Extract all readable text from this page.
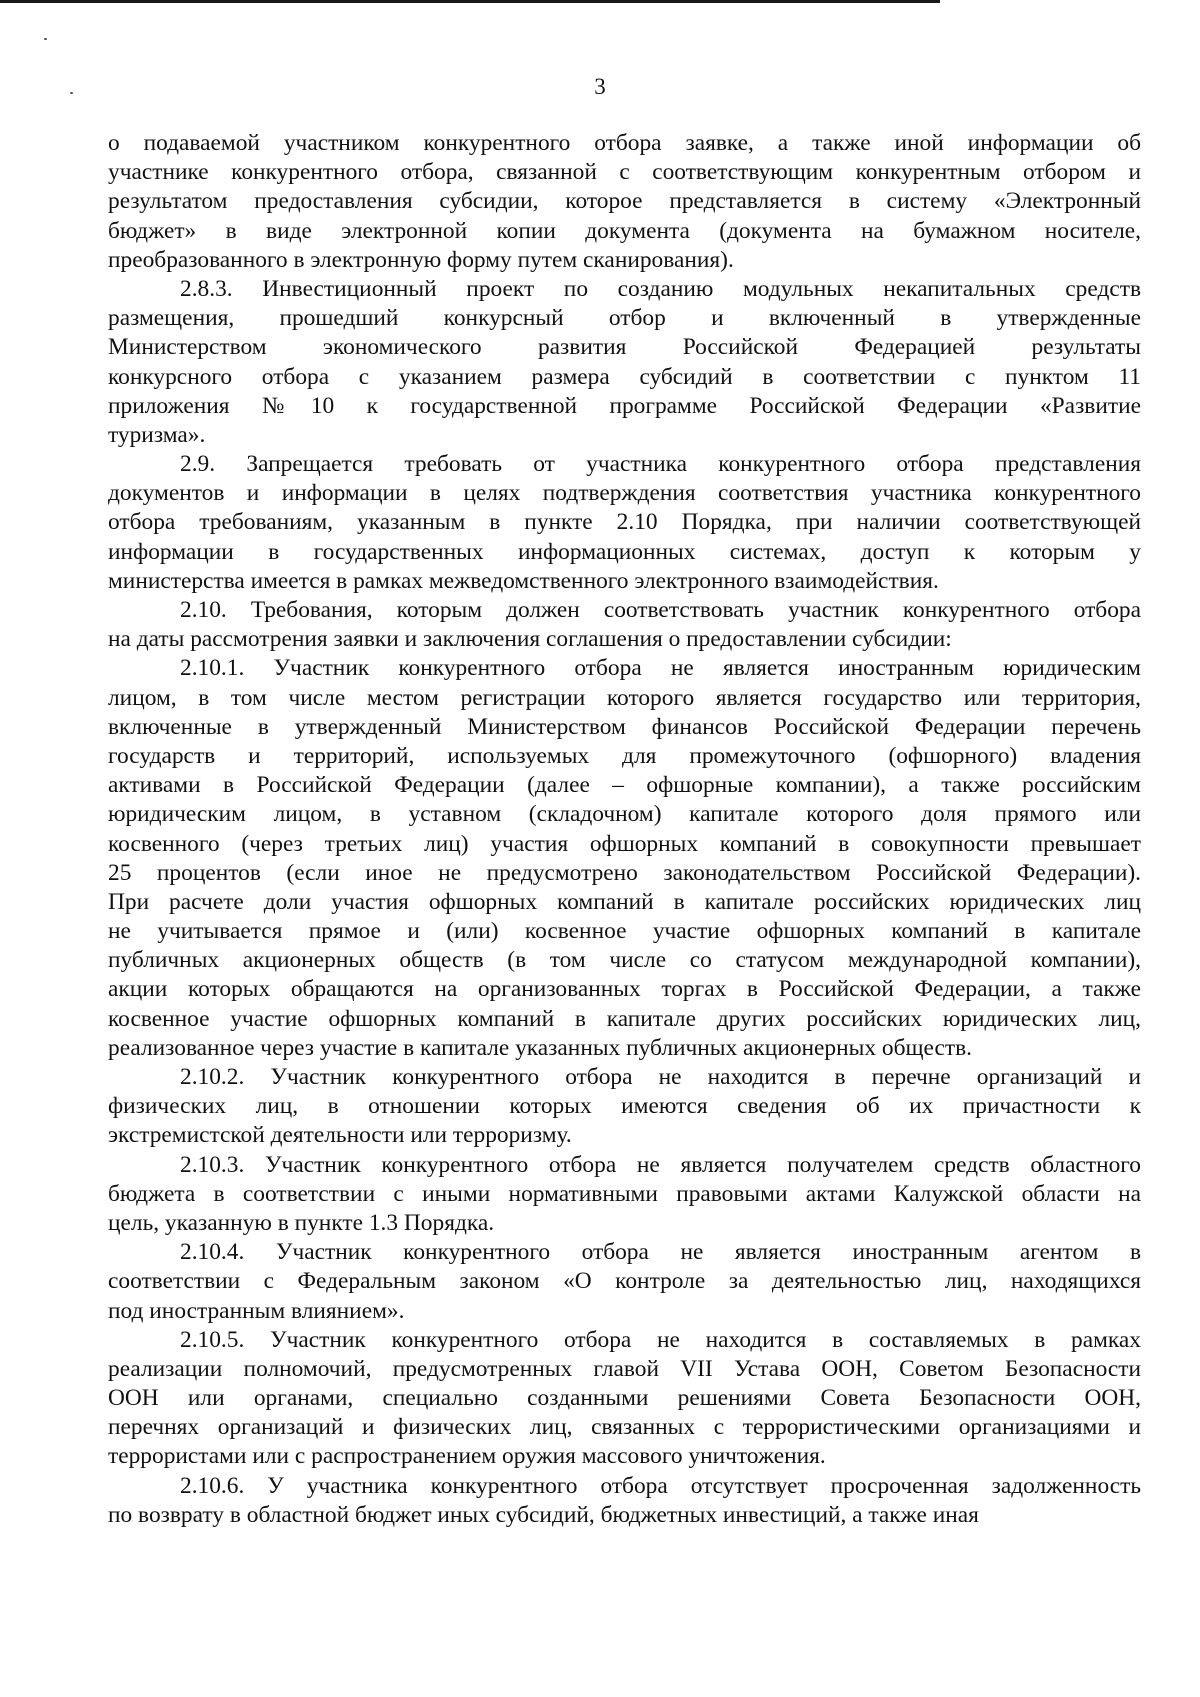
3
о подаваемой участником конкурентного отбора заявке, а также иной информации об
участнике конкурентного отбора, связанной с соответствующим конкурентным отбором и
результатом предоставления субсидии, которое представляется в систему «Электронный
бюджет» в виде электронной копии документа (документа на бумажном носителе,
преобразованного в электронную форму путем сканирования).
2.8.3. Инвестиционный проект по созданию модульных некапитальных средств
размещения, прошедший конкурсный отбор и включенный в утвержденные
Министерством экономического развития Российской Федерацией результаты
конкурсного отбора с указанием размера субсидий в соответствии с пунктом 11
приложения №10 к государственной программе Российской Федерации «Развитие
туризма».
2.9. Запрещается требовать от участника конкурентного отбора представления
документов и информации в целях подтверждения соответствия участника конкурентного
отбора требованиям, указанным в пункте 2.10 Порядка, при наличии соответствующей
информации в государственных информационных системах, доступ к которым у
министерства имеется в рамках межведомственного электронного взаимодействия.
2.10. Требования, которым должен соответствовать участник конкурентного отбора
на даты рассмотрения заявки и заключения соглашения о предоставлении субсидии:
2.10.1. Участник конкурентного отбора не является иностранным юридическим
лицом, в том числе местом регистрации которого является государство или территория,
включенные в утвержденный Министерством финансов Российской Федерации перечень
государств и территорий, используемых для промежуточного (офшорного) владения
активами в Российской Федерации (далее – офшорные компании), а также российским
юридическим лицом, в уставном (складочном) капитале которого доля прямого или
косвенного (через третьих лиц) участия офшорных компаний в совокупности превышает
25 процентов (если иное не предусмотрено законодательством Российской Федерации).
При расчете доли участия офшорных компаний в капитале российских юридических лиц
не учитывается прямое и (или) косвенное участие офшорных компаний в капитале
публичных акционерных обществ (в том числе со статусом международной компании),
акции которых обращаются на организованных торгах в Российской Федерации, а также
косвенное участие офшорных компаний в капитале других российских юридических лиц,
реализованное через участие в капитале указанных публичных акционерных обществ.
2.10.2. Участник конкурентного отбора не находится в перечне организаций и
физических лиц, в отношении которых имеются сведения об их причастности к
экстремистской деятельности или терроризму.
2.10.3. Участник конкурентного отбора не является получателем средств областного
бюджета в соответствии с иными нормативными правовыми актами Калужской области на
цель, указанную в пункте 1.3 Порядка.
2.10.4. Участник конкурентного отбора не является иностранным агентом в
соответствии с Федеральным законом «О контроле за деятельностью лиц, находящихся
под иностранным влиянием».
2.10.5. Участник конкурентного отбора не находится в составляемых в рамках
реализации полномочий, предусмотренных главой VII Устава ООН, Советом Безопасности
ООН или органами, специально созданными решениями Совета Безопасности ООН,
перечнях организаций и физических лиц, связанных с террористическими организациями и
террористами или с распространением оружия массового уничтожения.
2.10.6. У участника конкурентного отбора отсутствует просроченная задолженность
по возврату в областной бюджет иных субсидий, бюджетных инвестиций, а также иная
